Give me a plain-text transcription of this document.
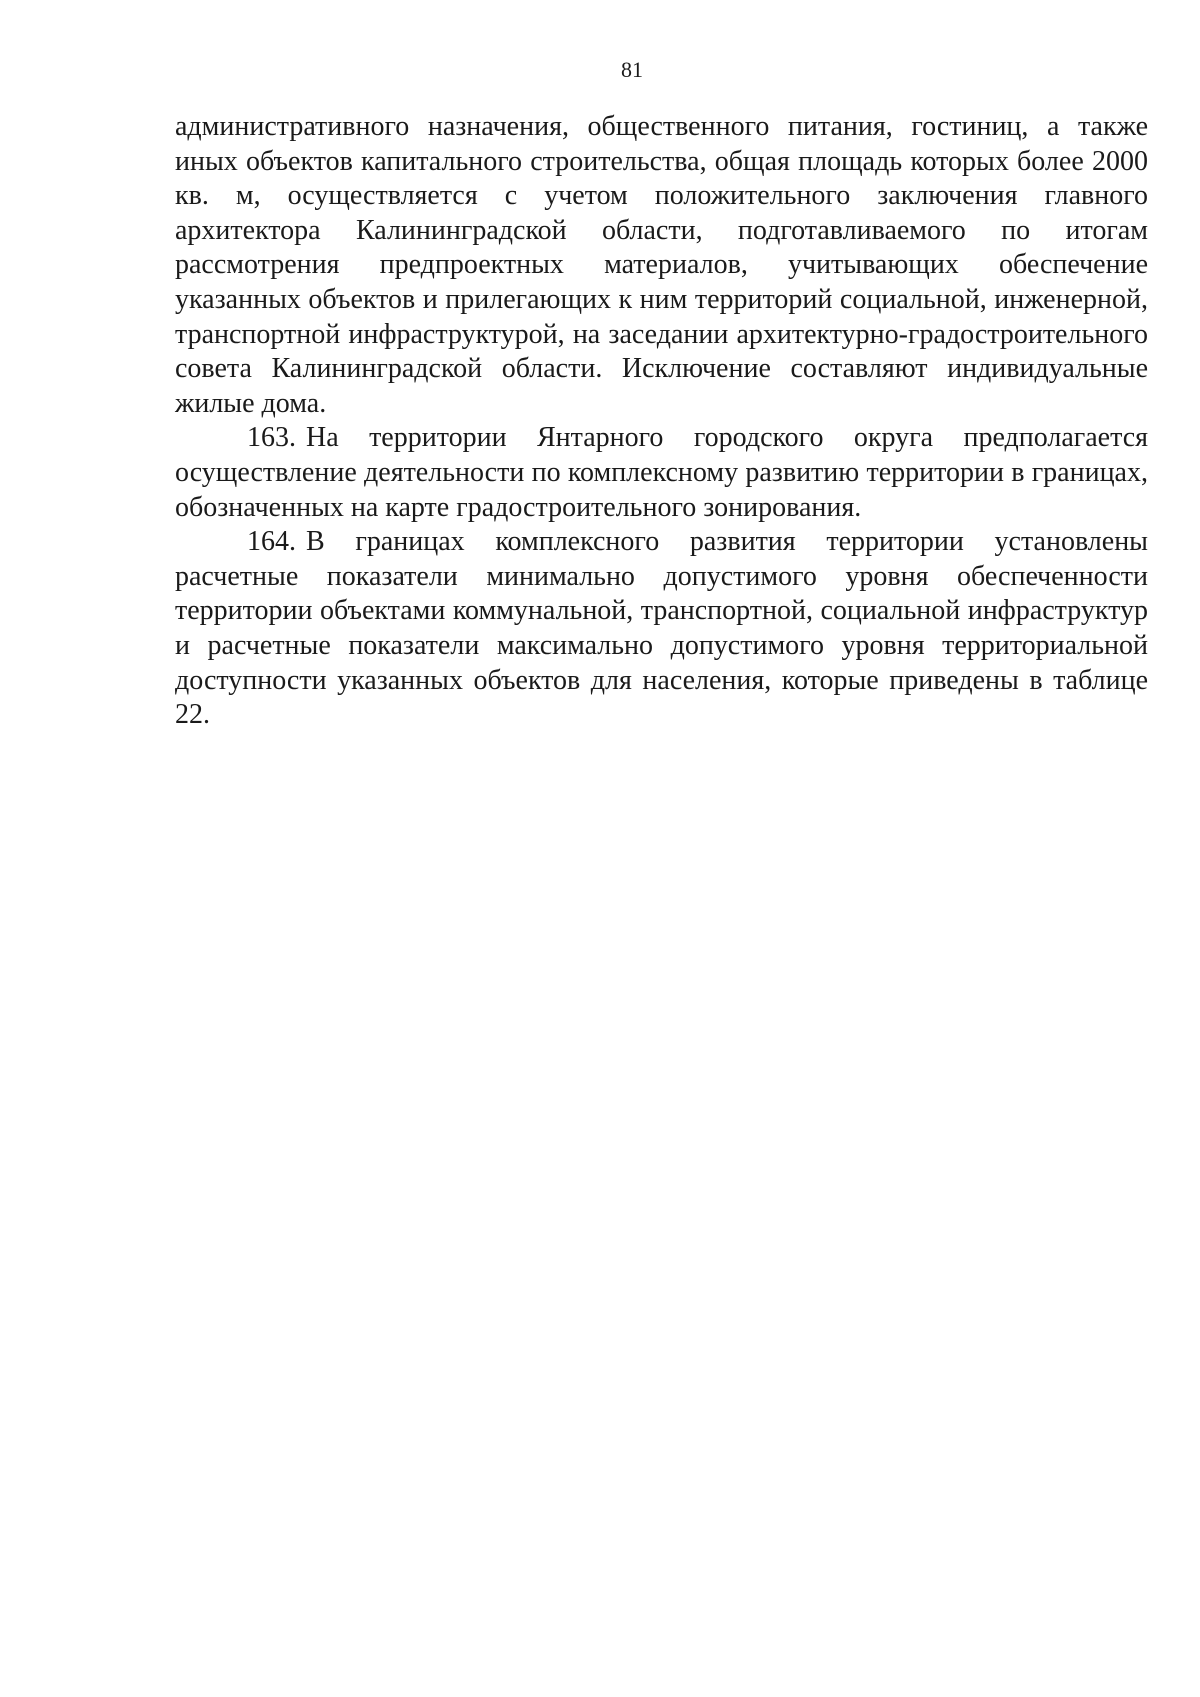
81

административного назначения, общественного питания, гостиниц, а также иных объектов капитального строительства, общая площадь которых более 2000 кв. м, осуществляется с учетом положительного заключения главного архитектора Калининградской области, подготавливаемого по итогам рассмотрения предпроектных материалов, учитывающих обеспечение указанных объектов и прилегающих к ним территорий социальной, инженерной, транспортной инфраструктурой, на заседании архитектурно-градостроительного совета Калининградской области. Исключение составляют индивидуальные жилые дома.

163. На территории Янтарного городского округа предполагается осуществление деятельности по комплексному развитию территории в границах, обозначенных на карте градостроительного зонирования.

164. В границах комплексного развития территории установлены расчетные показатели минимально допустимого уровня обеспеченности территории объектами коммунальной, транспортной, социальной инфраструктур и расчетные показатели максимально допустимого уровня территориальной доступности указанных объектов для населения, которые приведены в таблице 22.
